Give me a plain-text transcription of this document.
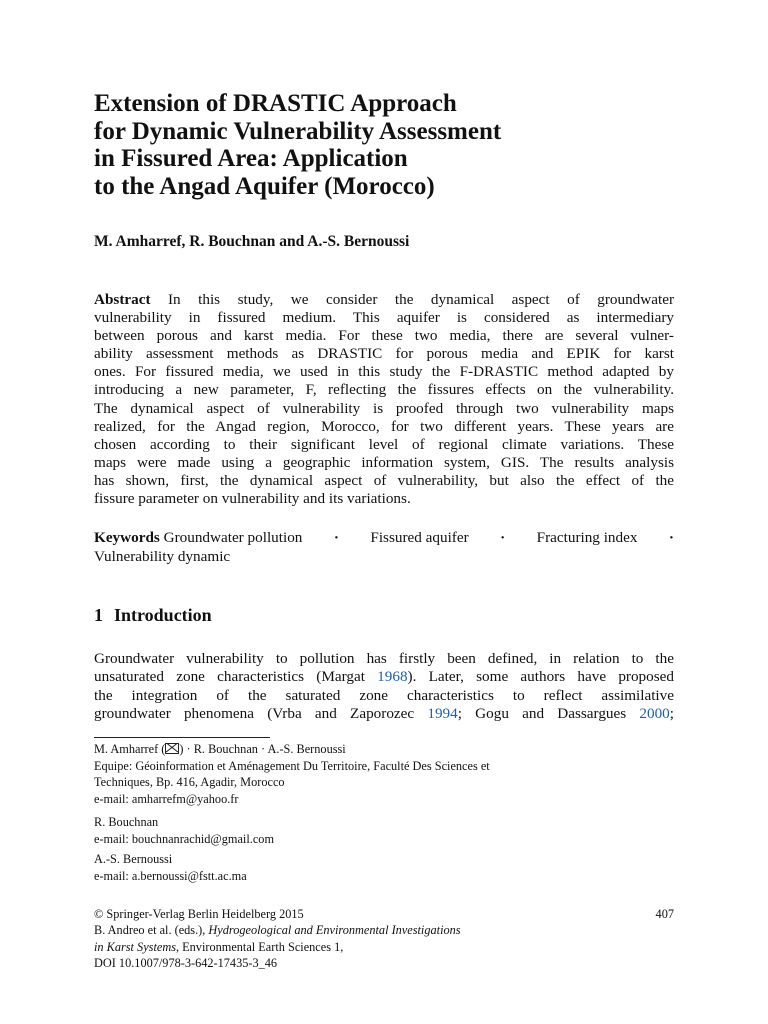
Extension of DRASTIC Approach
for Dynamic Vulnerability Assessment
in Fissured Area: Application
to the Angad Aquifer (Morocco)
M. Amharref, R. Bouchnan and A.-S. Bernoussi
Abstract In this study, we consider the dynamical aspect of groundwater
vulnerability in fissured medium. This aquifer is considered as intermediary
between porous and karst media. For these two media, there are several vulner-
ability assessment methods as DRASTIC for porous media and EPIK for karst
ones. For fissured media, we used in this study the F-DRASTIC method adapted by
introducing a new parameter, F, reflecting the fissures effects on the vulnerability.
The dynamical aspect of vulnerability is proofed through two vulnerability maps
realized, for the Angad region, Morocco, for two different years. These years are
chosen according to their significant level of regional climate variations. These
maps were made using a geographic information system, GIS. The results analysis
has shown, first, the dynamical aspect of vulnerability, but also the effect of the
fissure parameter on vulnerability and its variations.
Keywords Groundwater pollution · Fissured aquifer · Fracturing index ·
Vulnerability dynamic
1 Introduction
Groundwater vulnerability to pollution has firstly been defined, in relation to the
unsaturated zone characteristics (Margat 1968). Later, some authors have proposed
the integration of the saturated zone characteristics to reflect assimilative
groundwater phenomena (Vrba and Zaporozec 1994; Gogu and Dassargues 2000;
M. Amharref ( ) · R. Bouchnan · A.-S. Bernoussi
Equipe: Géoinformation et Aménagement Du Territoire, Faculté Des Sciences et
Techniques, Bp. 416, Agadir, Morocco
e-mail: amharrefm@yahoo.fr
R. Bouchnan
e-mail: bouchnanrachid@gmail.com
A.-S. Bernoussi
e-mail: a.bernoussi@fstt.ac.ma
© Springer-Verlag Berlin Heidelberg 2015	407
B. Andreo et al. (eds.), Hydrogeological and Environmental Investigations
in Karst Systems, Environmental Earth Sciences 1,
DOI 10.1007/978-3-642-17435-3_46
